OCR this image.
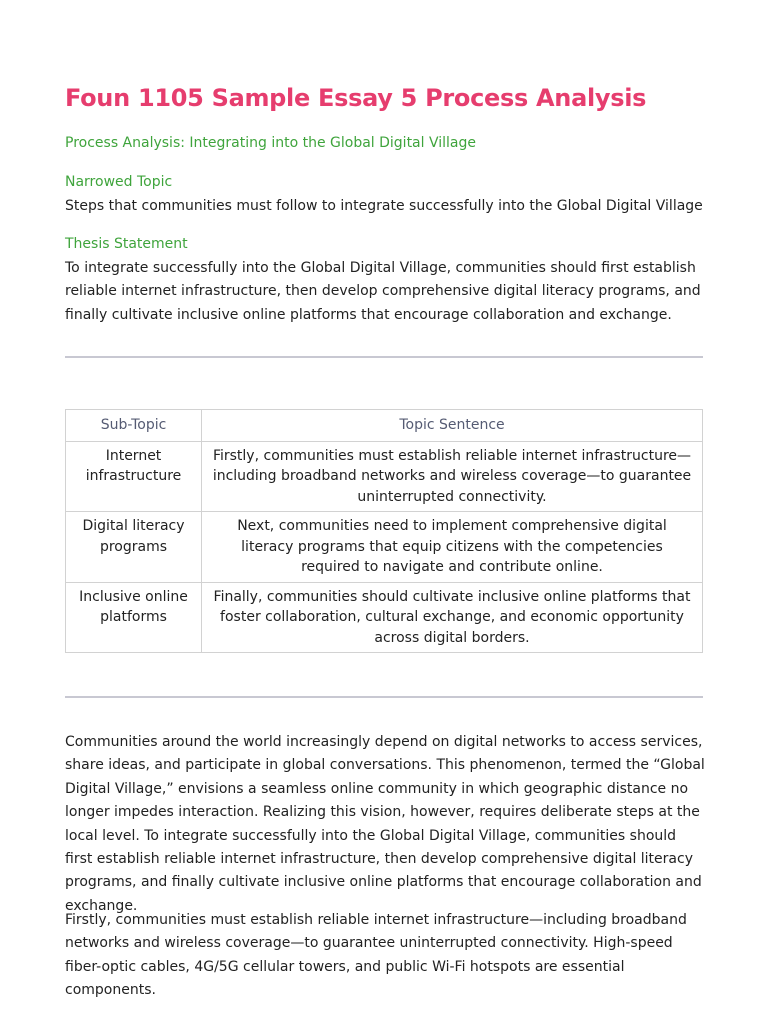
Foun 1105 Sample Essay 5 Process Analysis
Process Analysis: Integrating into the Global Digital Village
Narrowed Topic
Steps that communities must follow to integrate successfully into the Global Digital Village
Thesis Statement
To integrate successfully into the Global Digital Village, communities should first establish reliable internet infrastructure, then develop comprehensive digital literacy programs, and finally cultivate inclusive online platforms that encourage collaboration and exchange.
Sub-Topic	Topic Sentence
Internet infrastructure	Firstly, communities must establish reliable internet infrastructure—including broadband networks and wireless coverage—to guarantee uninterrupted connectivity.
Digital literacy programs	Next, communities need to implement comprehensive digital literacy programs that equip citizens with the competencies required to navigate and contribute online.
Inclusive online platforms	Finally, communities should cultivate inclusive online platforms that foster collaboration, cultural exchange, and economic opportunity across digital borders.
Communities around the world increasingly depend on digital networks to access services, share ideas, and participate in global conversations. This phenomenon, termed the “Global Digital Village,” envisions a seamless online community in which geographic distance no longer impedes interaction. Realizing this vision, however, requires deliberate steps at the local level. To integrate successfully into the Global Digital Village, communities should first establish reliable internet infrastructure, then develop comprehensive digital literacy programs, and finally cultivate inclusive online platforms that encourage collaboration and exchange.
Firstly, communities must establish reliable internet infrastructure—including broadband networks and wireless coverage—to guarantee uninterrupted connectivity. High-speed fiber-optic cables, 4G/5G cellular towers, and public Wi-Fi hotspots are essential components.
